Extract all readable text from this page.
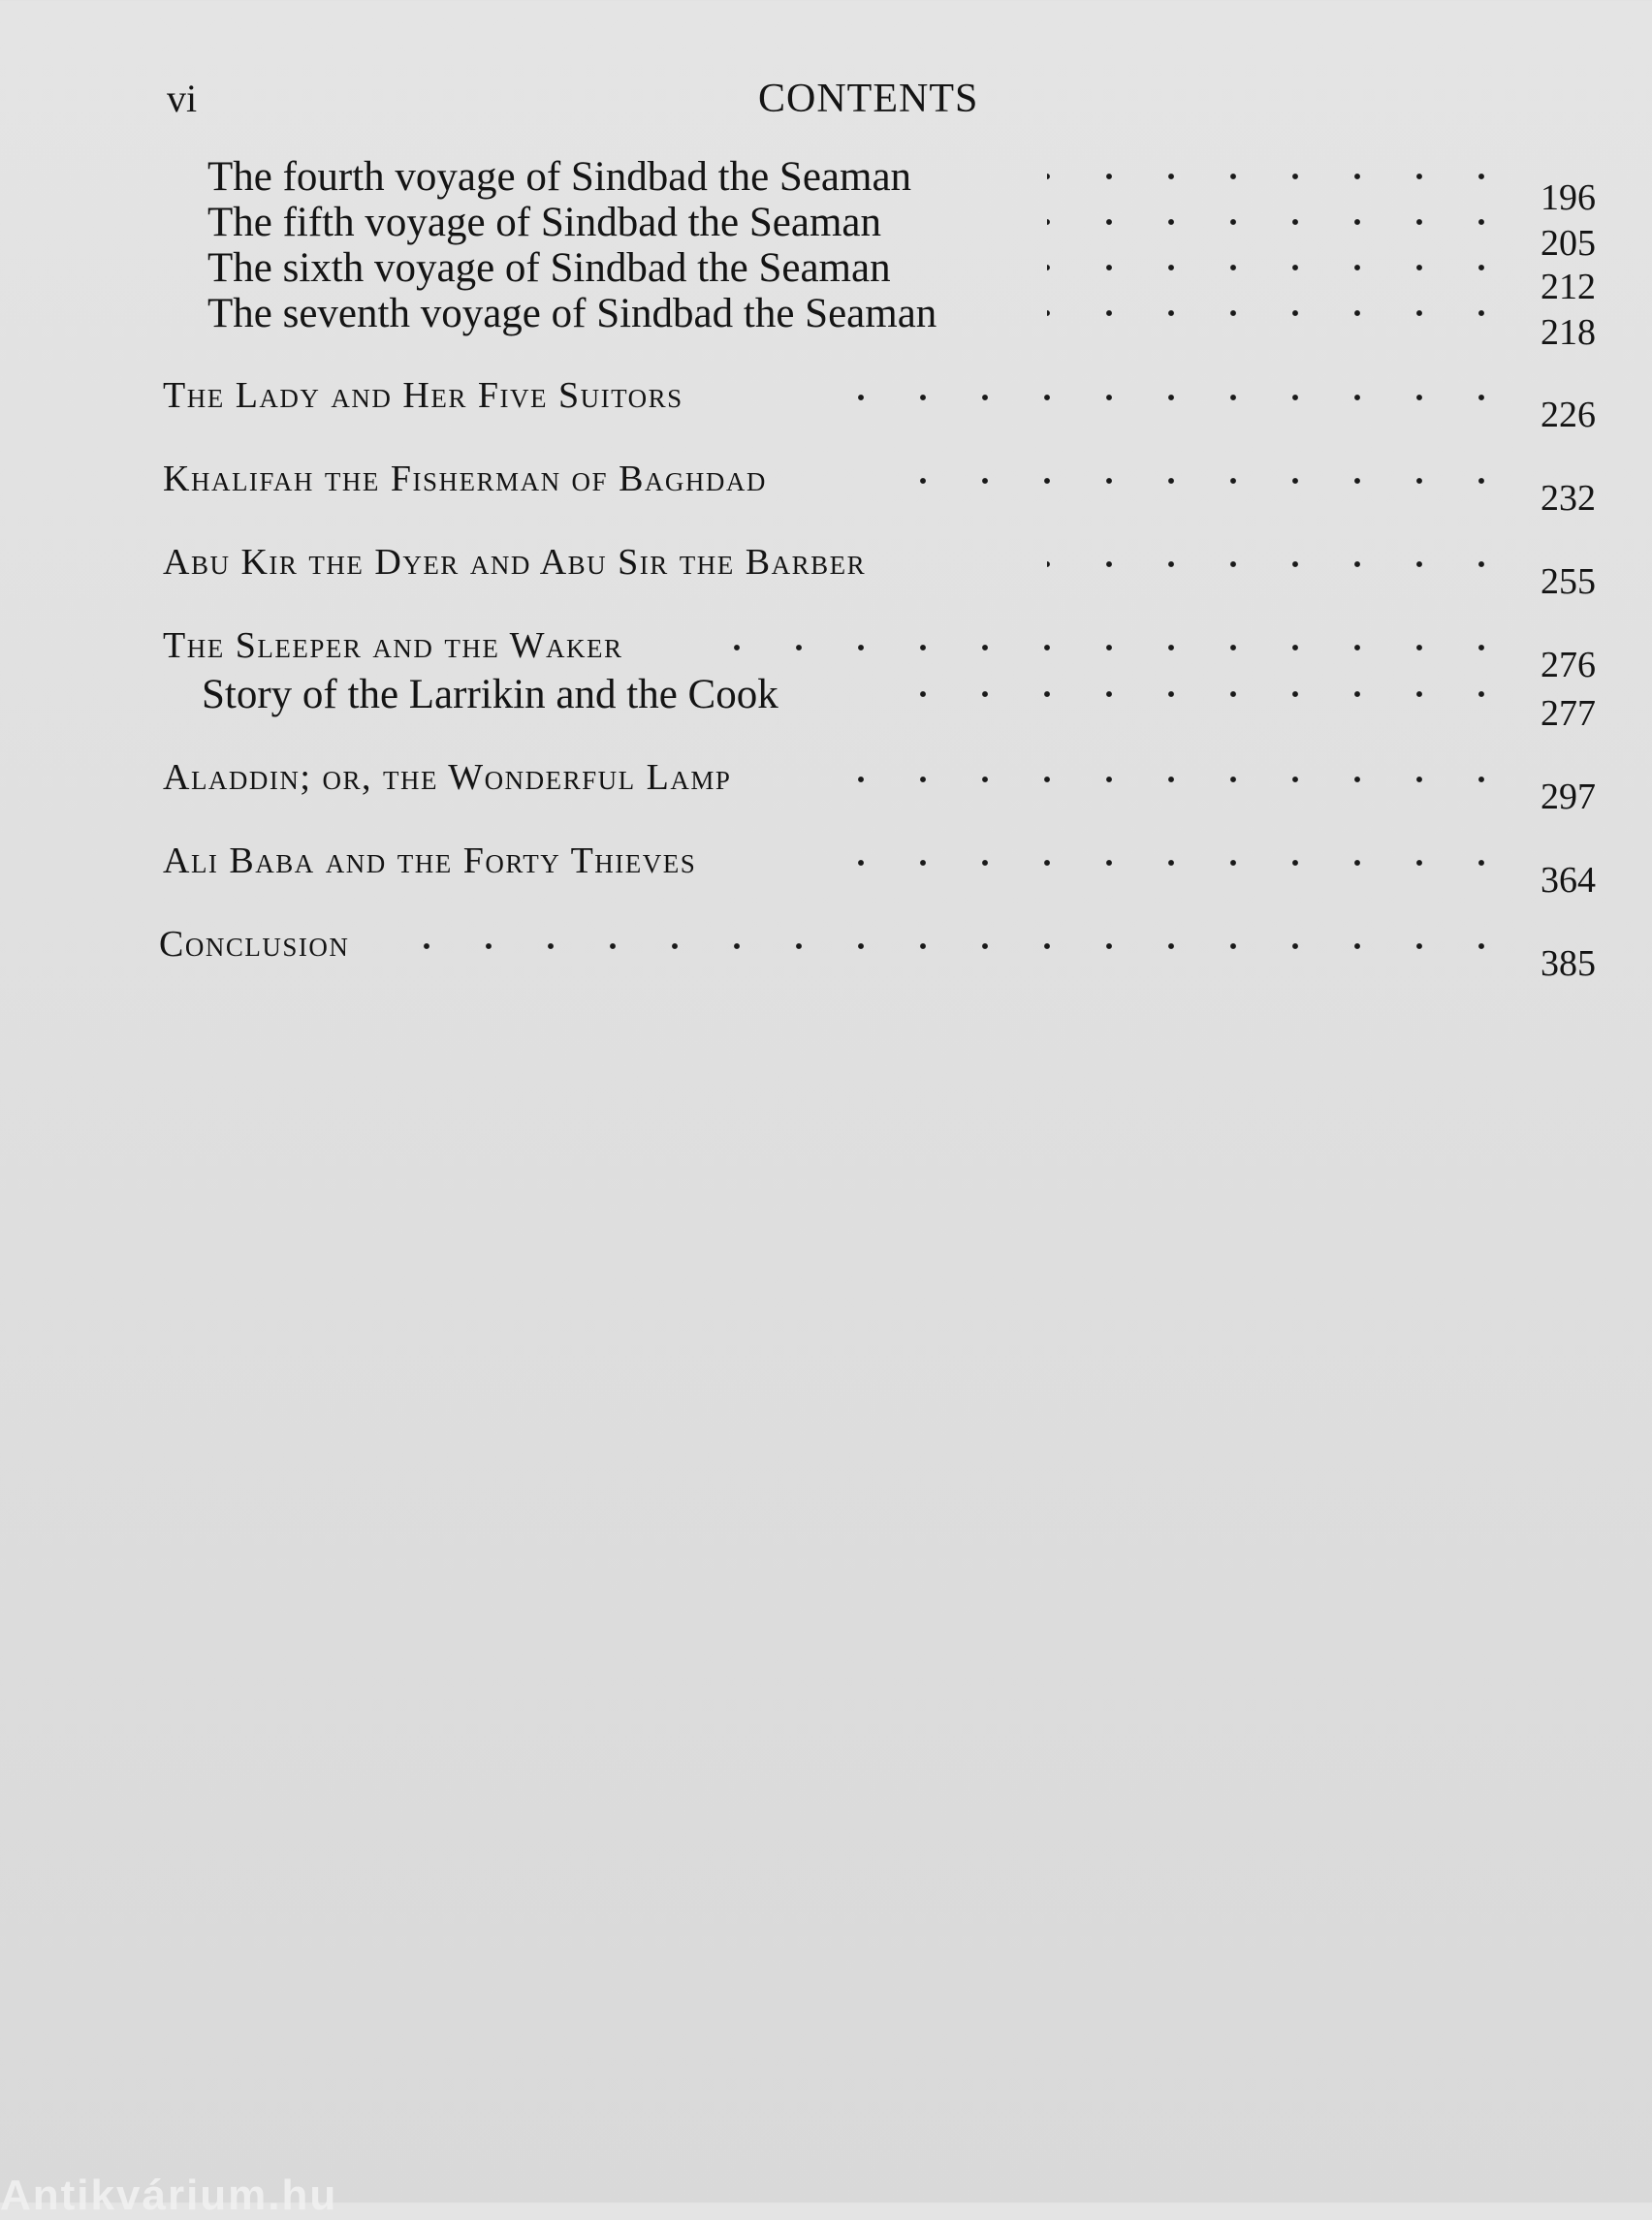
vi	CONTENTS
The fourth voyage of Sindbad the Seaman	196
The fifth voyage of Sindbad the Seaman	205
The sixth voyage of Sindbad the Seaman	212
The seventh voyage of Sindbad the Seaman	218
The Lady and Her Five Suitors	226
Khalifah the Fisherman of Baghdad	232
Abu Kir the Dyer and Abu Sir the Barber	255
The Sleeper and the Waker	276
Story of the Larrikin and the Cook	277
Aladdin; or, the Wonderful Lamp	297
Ali Baba and the Forty Thieves	364
Conclusion	385
Antikvárium.hu
